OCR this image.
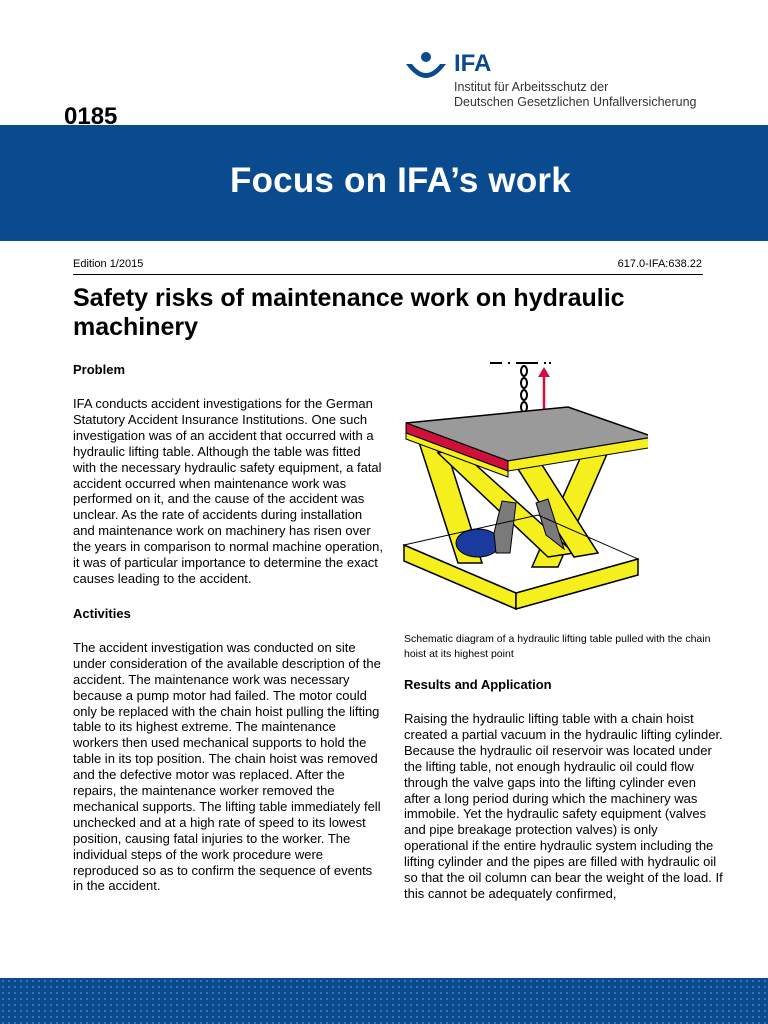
0185
Focus on IFA’s work
IFA
Institut für Arbeitsschutz der
Deutschen Gesetzlichen Unfallversicherung
Edition 1/2015	617.0-IFA:638.22
Safety risks of maintenance work on hydraulic machinery
Problem

IFA conducts accident investigations for the German Statutory Accident Insurance Institutions. One such investigation was of an accident that occurred with a hydraulic lifting table. Although the table was fitted with the necessary hydraulic safety equipment, a fatal accident occurred when maintenance work was performed on it, and the cause of the accident was unclear. As the rate of accidents during installation and maintenance work on machinery has risen over the years in comparison to normal machine operation, it was of particular importance to determine the exact causes leading to the accident.

Activities

The accident investigation was conducted on site under consideration of the available description of the accident. The maintenance work was necessary because a pump motor had failed. The motor could only be replaced with the chain hoist pulling the lifting table to its highest extreme. The maintenance workers then used mechanical supports to hold the table in its top position. The chain hoist was removed and the defective motor was replaced. After the repairs, the maintenance worker removed the mechanical supports. The lifting table immediately fell unchecked and at a high rate of speed to its lowest position, causing fatal injuries to the worker. The individual steps of the work procedure were reproduced so as to confirm the sequence of events in the accident.

Schematic diagram of a hydraulic lifting table pulled with the chain hoist at its highest point
Results and Application

Raising the hydraulic lifting table with a chain hoist created a partial vacuum in the hydraulic lifting cylinder. Because the hydraulic oil reservoir was located under the lifting table, not enough hydraulic oil could flow through the valve gaps into the lifting cylinder even after a long period during which the machinery was immobile. Yet the hydraulic safety equipment (valves and pipe breakage protection valves) is only operational if the entire hydraulic system including the lifting cylinder and the pipes are filled with hydraulic oil so that the oil column can bear the weight of the load. If this cannot be adequately confirmed,
